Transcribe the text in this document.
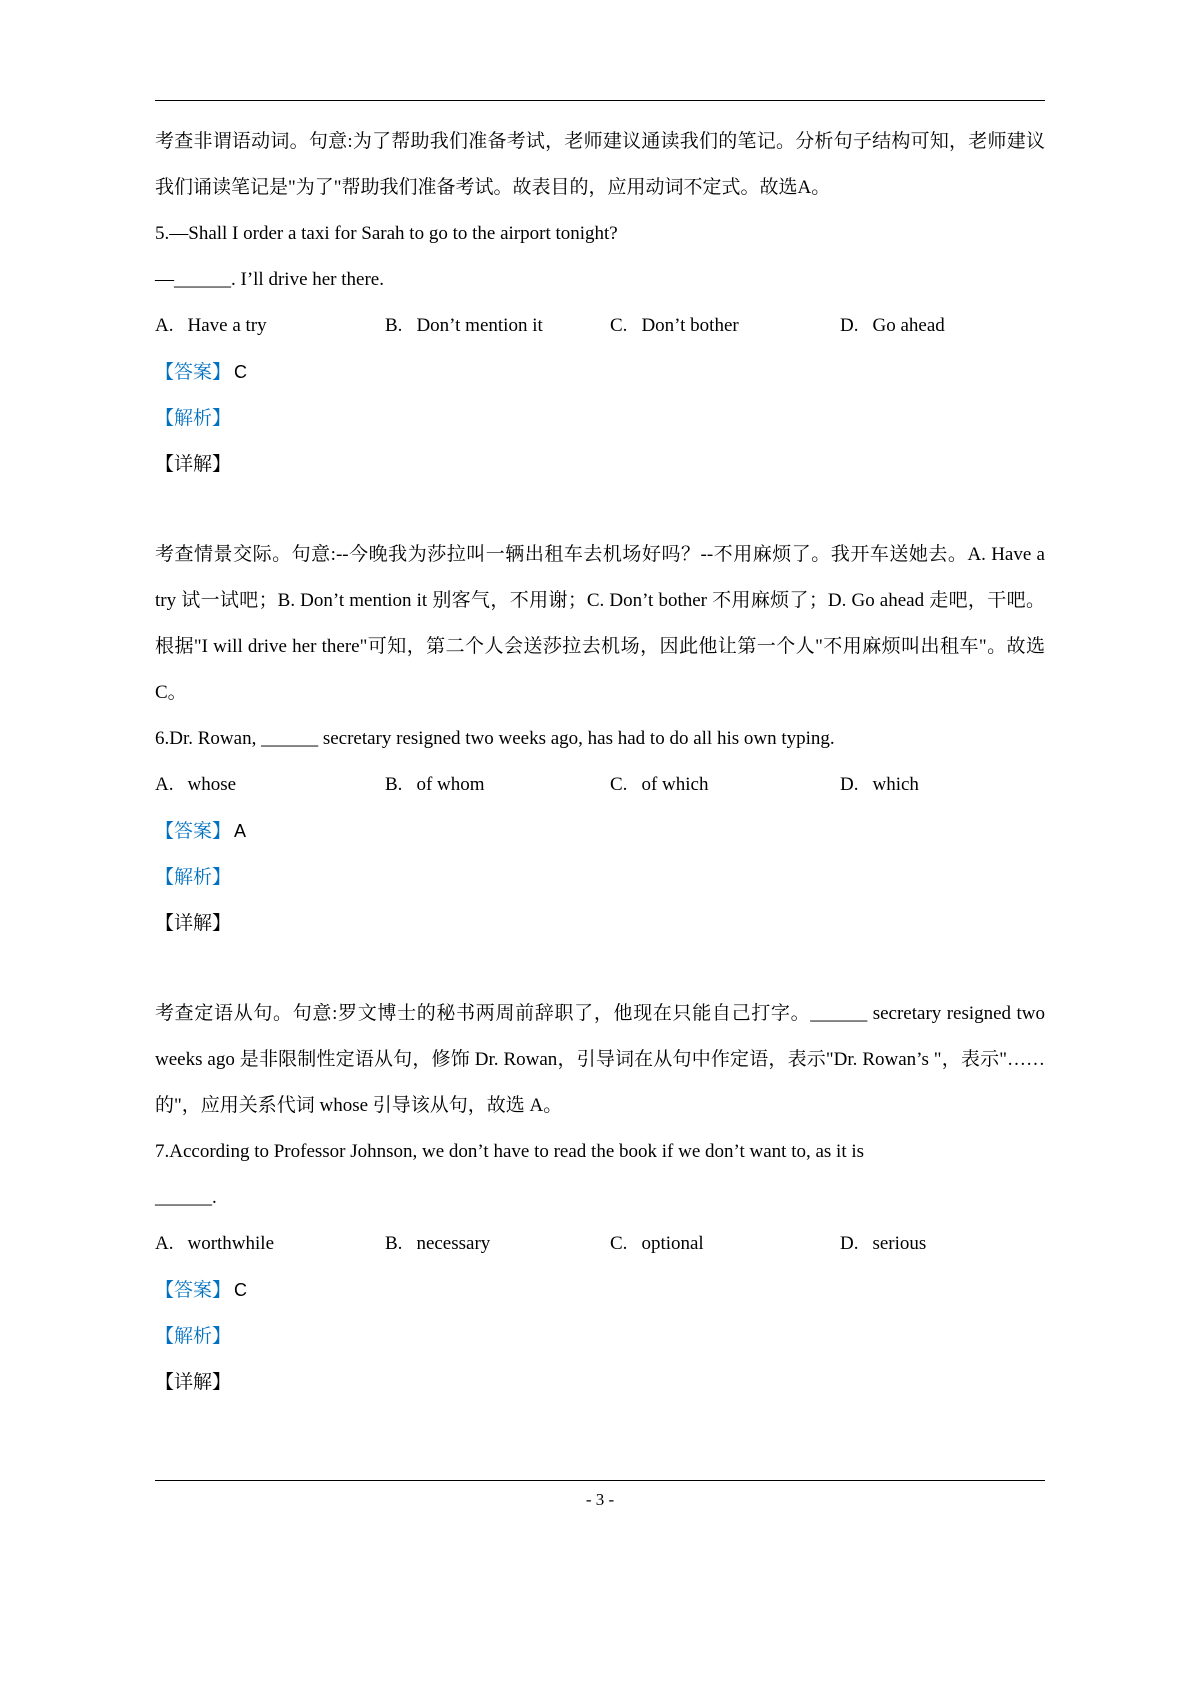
考查非谓语动词。句意:为了帮助我们准备考试，老师建议通读我们的笔记。分析句子结构可知，老师建议我们诵读笔记是"为了"帮助我们准备考试。故表目的，应用动词不定式。故选A。

5.—Shall I order a taxi for Sarah to go to the airport tonight?

—______. I’ll drive her there.

A. Have a try	B. Don’t mention it	C. Don’t bother	D. Go ahead

【答案】 C

【解析】

【详解】

考查情景交际。句意:--今晚我为莎拉叫一辆出租车去机场好吗？--不用麻烦了。我开车送她去。A. Have a try 试一试吧；B. Don’t mention it 别客气，不用谢；C. Don’t bother 不用麻烦了；D. Go ahead 走吧，干吧。根据"I will drive her there"可知，第二个人会送莎拉去机场，因此他让第一个人"不用麻烦叫出租车"。故选 C。

6.Dr. Rowan, ______ secretary resigned two weeks ago, has had to do all his own typing.

A. whose	B. of whom	C. of which	D. which

【答案】 A

【解析】

【详解】

考查定语从句。句意:罗文博士的秘书两周前辞职了，他现在只能自己打字。______ secretary resigned two weeks ago 是非限制性定语从句，修饰 Dr. Rowan，引导词在从句中作定语，表示"Dr. Rowan’s "，表示"……的"，应用关系代词 whose 引导该从句，故选 A。

7.According to Professor Johnson, we don’t have to read the book if we don’t want to, as it is

______.

A. worthwhile	B. necessary	C. optional	D. serious

【答案】 C

【解析】

【详解】

- 3 -
